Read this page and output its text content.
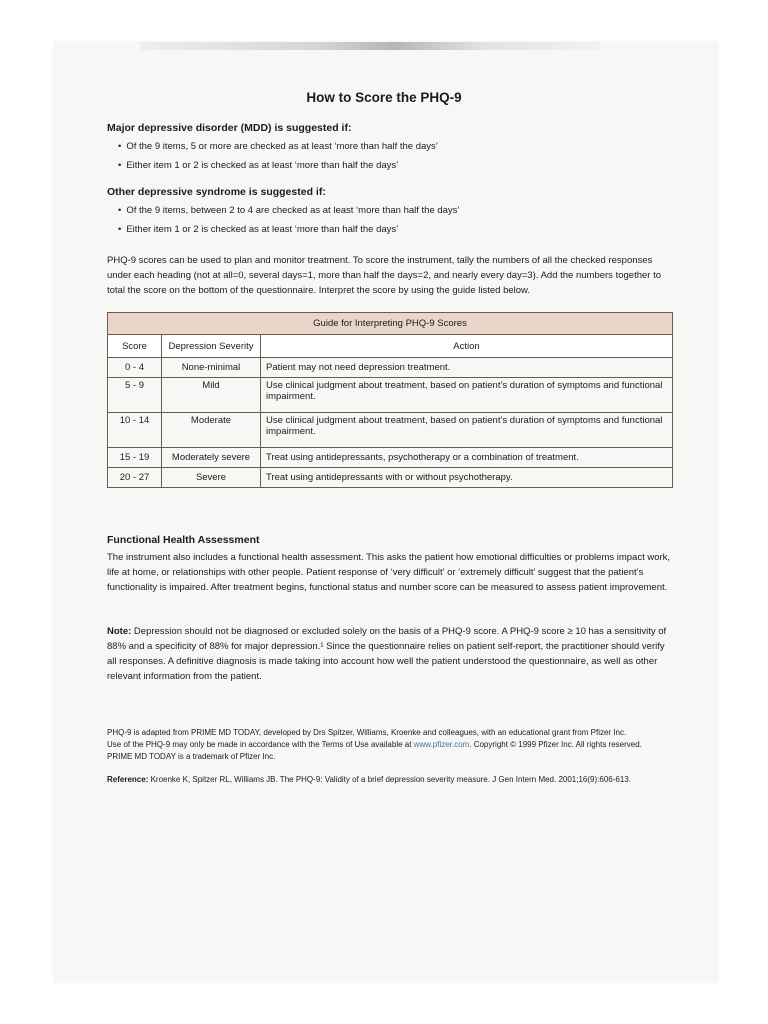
How to Score the PHQ-9
Major depressive disorder (MDD) is suggested if:
• Of the 9 items, 5 or more are checked as at least ‘more than half the days’
• Either item 1 or 2 is checked as at least ‘more than half the days’
Other depressive syndrome is suggested if:
• Of the 9 items, between 2 to 4 are checked as at least ‘more than half the days’
• Either item 1 or 2 is checked as at least ‘more than half the days’
PHQ-9 scores can be used to plan and monitor treatment. To score the instrument, tally the numbers of all the checked responses under each heading (not at all=0, several days=1, more than half the days=2, and nearly every day=3). Add the numbers together to total the score on the bottom of the questionnaire. Interpret the score by using the guide listed below.
Guide for Interpreting PHQ-9 Scores		
Score	Depression Severity	Action
0 - 4	None-minimal	Patient may not need depression treatment.
5 - 9	Mild	Use clinical judgment about treatment, based on patient’s duration of symptoms and functional impairment.
10 - 14	Moderate	Use clinical judgment about treatment, based on patient’s duration of symptoms and functional impairment.
15 - 19	Moderately severe	Treat using antidepressants, psychotherapy or a combination of treatment.
20 - 27	Severe	Treat using antidepressants with or without psychotherapy.
Functional Health Assessment
The instrument also includes a functional health assessment. This asks the patient how emotional difficulties or problems impact work, life at home, or relationships with other people. Patient response of ‘very difficult’ or ‘extremely difficult’ suggest that the patient’s functionality is impaired. After treatment begins, functional status and number score can be measured to assess patient improvement.
Note: Depression should not be diagnosed or excluded solely on the basis of a PHQ-9 score. A PHQ-9 score ≥ 10 has a sensitivity of 88% and a specificity of 88% for major depression.¹ Since the questionnaire relies on patient self-report, the practitioner should verify all responses. A definitive diagnosis is made taking into account how well the patient understood the questionnaire, as well as other relevant information from the patient.
PHQ-9 is adapted from PRIME MD TODAY, developed by Drs Spitzer, Williams, Kroenke and colleagues, with an educational grant from Pfizer Inc.
Use of the PHQ-9 may only be made in accordance with the Terms of Use available at www.pfizer.com. Copyright © 1999 Pfizer Inc. All rights reserved.
PRIME MD TODAY is a trademark of Pfizer Inc.
Reference: Kroenke K, Spitzer RL, Williams JB. The PHQ-9: Validity of a brief depression severity measure. J Gen Intern Med. 2001;16(9):606-613.
